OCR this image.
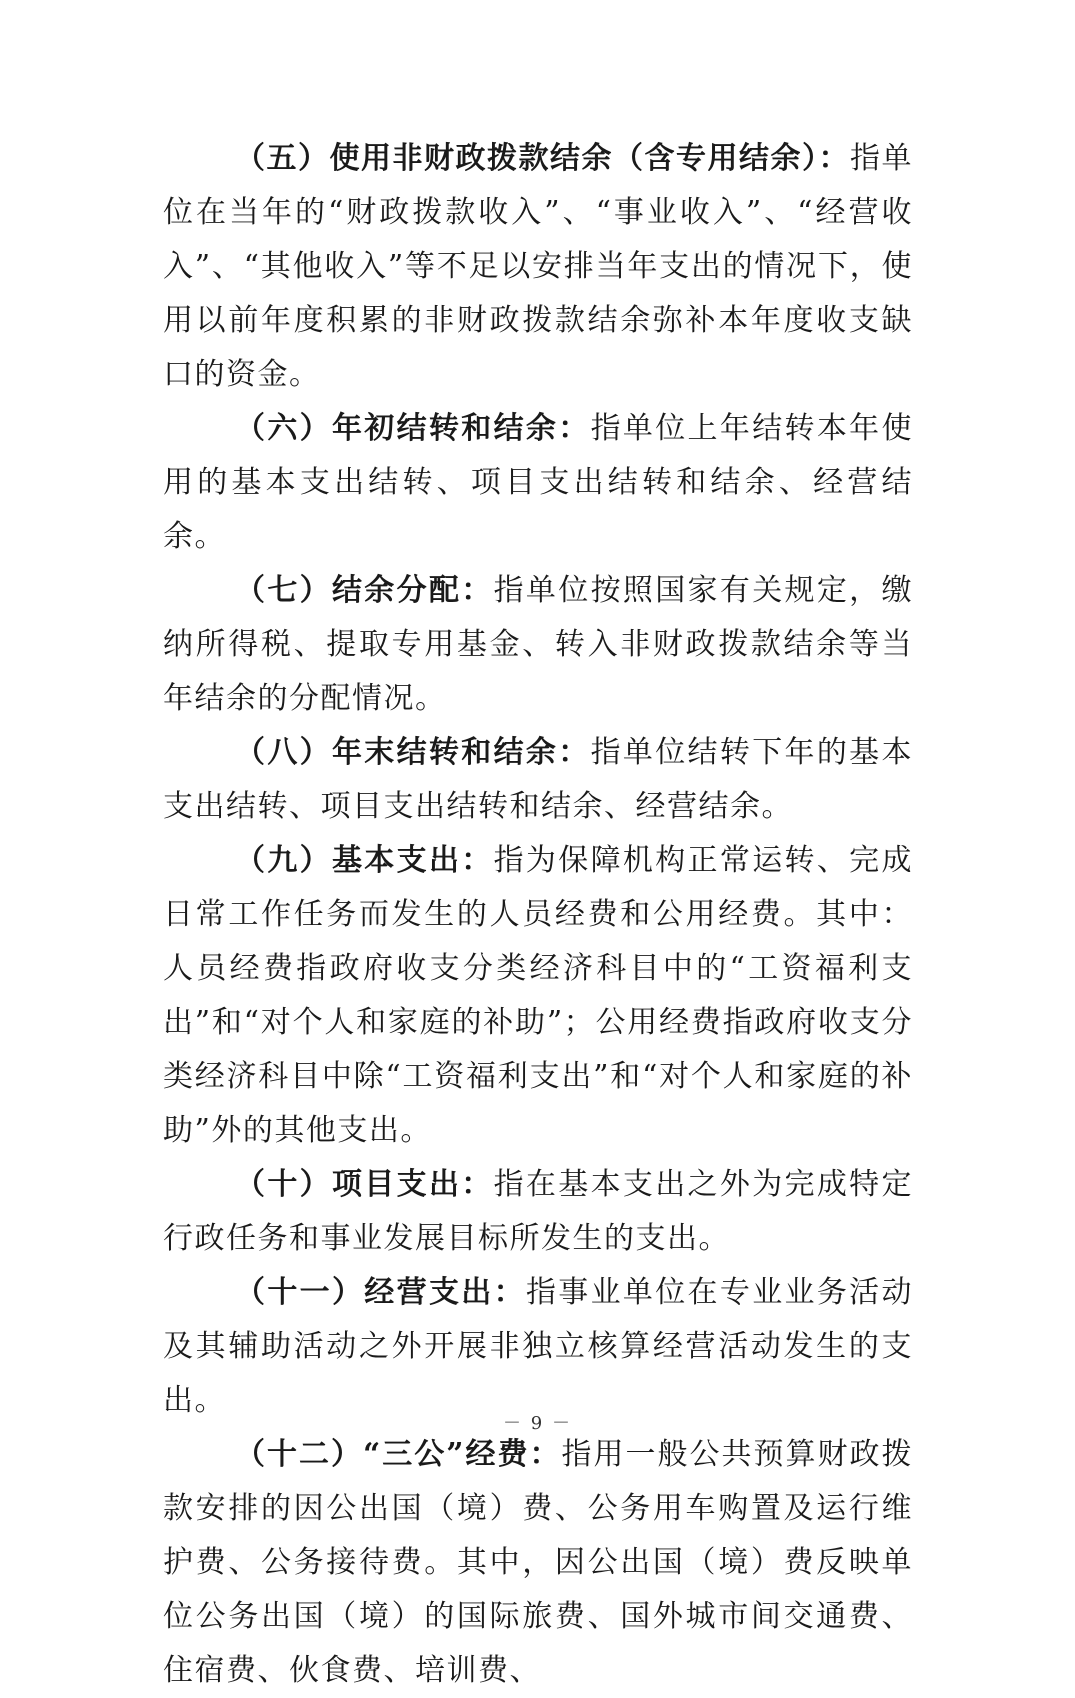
（五）使用非财政拨款结余（含专用结余）：指单位在当年的“财政拨款收入”、“事业收入”、“经营收入”、“其他收入”等不足以安排当年支出的情况下，使用以前年度积累的非财政拨款结余弥补本年度收支缺口的资金。

（六）年初结转和结余：指单位上年结转本年使用的基本支出结转、项目支出结转和结余、经营结余。

（七）结余分配：指单位按照国家有关规定，缴纳所得税、提取专用基金、转入非财政拨款结余等当年结余的分配情况。

（八）年末结转和结余：指单位结转下年的基本支出结转、项目支出结转和结余、经营结余。

（九）基本支出：指为保障机构正常运转、完成日常工作任务而发生的人员经费和公用经费。其中：人员经费指政府收支分类经济科目中的“工资福利支出”和“对个人和家庭的补助”；公用经费指政府收支分类经济科目中除“工资福利支出”和“对个人和家庭的补助”外的其他支出。

（十）项目支出：指在基本支出之外为完成特定行政任务和事业发展目标所发生的支出。

（十一）经营支出：指事业单位在专业业务活动及其辅助活动之外开展非独立核算经营活动发生的支出。

（十二）“三公”经费：指用一般公共预算财政拨款安排的因公出国（境）费、公务用车购置及运行维护费、公务接待费。其中，因公出国（境）费反映单位公务出国（境）的国际旅费、国外城市间交通费、住宿费、伙食费、培训费、

－ 9 －
